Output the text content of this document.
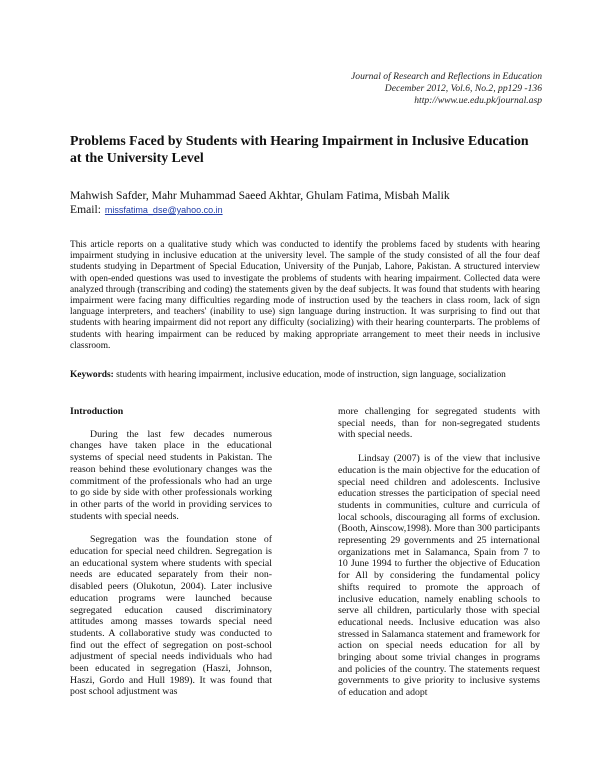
Journal of Research and Reflections in Education
December 2012, Vol.6, No.2, pp129 -136
http://www.ue.edu.pk/journal.asp
Problems Faced by Students with Hearing Impairment in Inclusive Education at the University Level
Mahwish Safder, Mahr Muhammad Saeed Akhtar, Ghulam Fatima, Misbah Malik
Email: missfatima_dse@yahoo.co.in
This article reports on a qualitative study which was conducted to identify the problems faced by students with hearing impairment studying in inclusive education at the university level. The sample of the study consisted of all the four deaf students studying in Department of Special Education, University of the Punjab, Lahore, Pakistan. A structured interview with open-ended questions was used to investigate the problems of students with hearing impairment. Collected data were analyzed through (transcribing and coding) the statements given by the deaf subjects. It was found that students with hearing impairment were facing many difficulties regarding mode of instruction used by the teachers in class room, lack of sign language interpreters, and teachers' (inability to use) sign language during instruction. It was surprising to find out that students with hearing impairment did not report any difficulty (socializing) with their hearing counterparts. The problems of students with hearing impairment can be reduced by making appropriate arrangement to meet their needs in inclusive classroom.
Keywords: students with hearing impairment, inclusive education, mode of instruction, sign language, socialization
Introduction

During the last few decades numerous changes have taken place in the educational systems of special need students in Pakistan. The reason behind these evolutionary changes was the commitment of the professionals who had an urge to go side by side with other professionals working in other parts of the world in providing services to students with special needs.

Segregation was the foundation stone of education for special need children. Segregation is an educational system where students with special needs are educated separately from their non-disabled peers (Olukotun, 2004). Later inclusive education programs were launched because segregated education caused discriminatory attitudes among masses towards special need students. A collaborative study was conducted to find out the effect of segregation on post-school adjustment of special needs individuals who had been educated in segregation (Haszi, Johnson, Haszi, Gordo and Hull 1989). It was found that post school adjustment was

more challenging for segregated students with special needs, than for non-segregated students with special needs.

Lindsay (2007) is of the view that inclusive education is the main objective for the education of special need children and adolescents. Inclusive education stresses the participation of special need students in communities, culture and curricula of local schools, discouraging all forms of exclusion. (Booth, Ainscow,1998). More than 300 participants representing 29 governments and 25 international organizations met in Salamanca, Spain from 7 to 10 June 1994 to further the objective of Education for All by considering the fundamental policy shifts required to promote the approach of inclusive education, namely enabling schools to serve all children, particularly those with special educational needs. Inclusive education was also stressed in Salamanca statement and framework for action on special needs education for all by bringing about some trivial changes in programs and policies of the country. The statements request governments to give priority to inclusive systems of education and adopt
